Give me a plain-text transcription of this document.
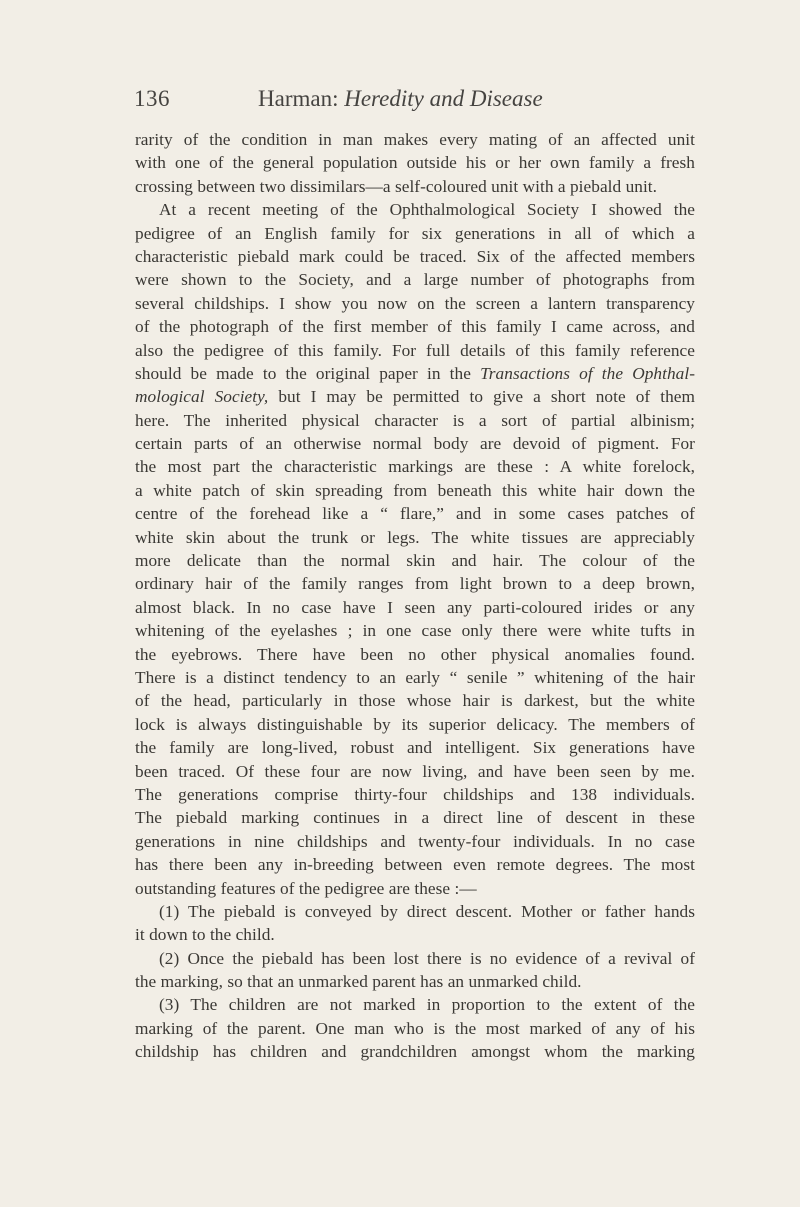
136	Harman: Heredity and Disease
rarity of the condition in man makes every mating of an affected unit
with one of the general population outside his or her own family a fresh
crossing between two dissimilars—a self-coloured unit with a piebald unit.
At a recent meeting of the Ophthalmological Society I showed the
pedigree of an English family for six generations in all of which a
characteristic piebald mark could be traced. Six of the affected members
were shown to the Society, and a large number of photographs from
several childships. I show you now on the screen a lantern transparency
of the photograph of the first member of this family I came across, and
also the pedigree of this family. For full details of this family reference
should be made to the original paper in the Transactions of the Ophthal-
mological Society, but I may be permitted to give a short note of them
here. The inherited physical character is a sort of partial albinism;
certain parts of an otherwise normal body are devoid of pigment. For
the most part the characteristic markings are these : A white forelock,
a white patch of skin spreading from beneath this white hair down the
centre of the forehead like a “ flare,” and in some cases patches of
white skin about the trunk or legs. The white tissues are appreciably
more delicate than the normal skin and hair. The colour of the
ordinary hair of the family ranges from light brown to a deep brown,
almost black. In no case have I seen any parti-coloured irides or any
whitening of the eyelashes ; in one case only there were white tufts in
the eyebrows. There have been no other physical anomalies found.
There is a distinct tendency to an early “ senile ” whitening of the hair
of the head, particularly in those whose hair is darkest, but the white
lock is always distinguishable by its superior delicacy. The members of
the family are long-lived, robust and intelligent. Six generations have
been traced. Of these four are now living, and have been seen by me.
The generations comprise thirty-four childships and 138 individuals.
The piebald marking continues in a direct line of descent in these
generations in nine childships and twenty-four individuals. In no case
has there been any in-breeding between even remote degrees. The most
outstanding features of the pedigree are these :—
(1) The piebald is conveyed by direct descent. Mother or father hands
it down to the child.
(2) Once the piebald has been lost there is no evidence of a revival of
the marking, so that an unmarked parent has an unmarked child.
(3) The children are not marked in proportion to the extent of the
marking of the parent. One man who is the most marked of any of his
childship has children and grandchildren amongst whom the marking
